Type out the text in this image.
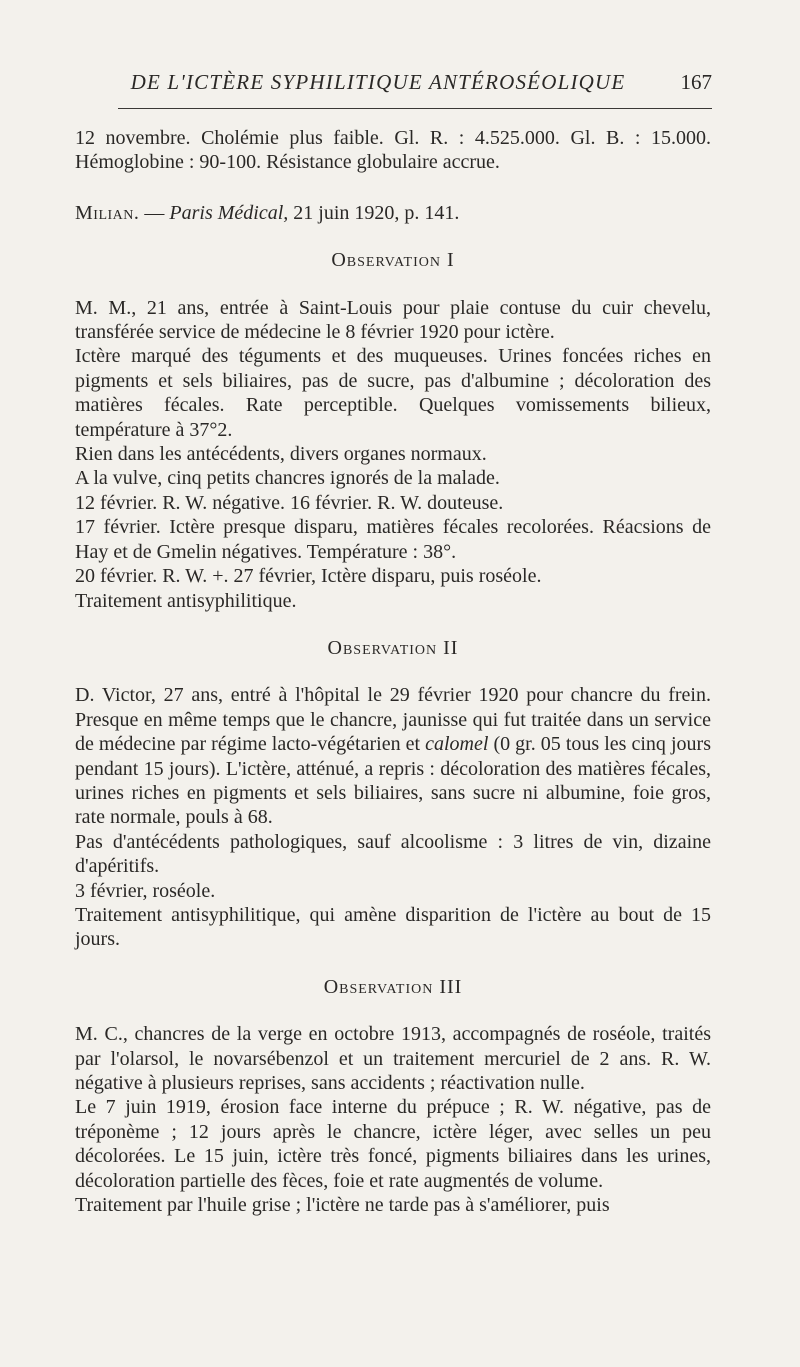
DE L'ICTÈRE SYPHILITIQUE ANTÉROSÉOLIQUE	167

12 novembre. Cholémie plus faible. Gl. R. : 4.525.000. Gl. B. : 15.000. Hémoglobine : 90-100. Résistance globulaire accrue.

Milian. — Paris Médical, 21 juin 1920, p. 141.

Observation I

M. M., 21 ans, entrée à Saint-Louis pour plaie contuse du cuir chevelu, transférée service de médecine le 8 février 1920 pour ictère.

Ictère marqué des téguments et des muqueuses. Urines foncées riches en pigments et sels biliaires, pas de sucre, pas d'albumine ; décoloration des matières fécales. Rate perceptible. Quelques vomissements bilieux, température à 37°2.

Rien dans les antécédents, divers organes normaux.

A la vulve, cinq petits chancres ignorés de la malade.

12 février. R. W. négative. 16 février. R. W. douteuse.

17 février. Ictère presque disparu, matières fécales recolorées. Réacsions de Hay et de Gmelin négatives. Température : 38°.

20 février. R. W. +. 27 février, Ictère disparu, puis roséole.

Traitement antisyphilitique.

Observation II

D. Victor, 27 ans, entré à l'hôpital le 29 février 1920 pour chancre du frein. Presque en même temps que le chancre, jaunisse qui fut traitée dans un service de médecine par régime lacto-végétarien et calomel (0 gr. 05 tous les cinq jours pendant 15 jours). L'ictère, atténué, a repris : décoloration des matières fécales, urines riches en pigments et sels biliaires, sans sucre ni albumine, foie gros, rate normale, pouls à 68.

Pas d'antécédents pathologiques, sauf alcoolisme : 3 litres de vin, dizaine d'apéritifs.

3 février, roséole.

Traitement antisyphilitique, qui amène disparition de l'ictère au bout de 15 jours.

Observation III

M. C., chancres de la verge en octobre 1913, accompagnés de roséole, traités par l'olarsol, le novarsébenzol et un traitement mercuriel de 2 ans. R. W. négative à plusieurs reprises, sans accidents ; réactivation nulle.

Le 7 juin 1919, érosion face interne du prépuce ; R. W. négative, pas de tréponème ; 12 jours après le chancre, ictère léger, avec selles un peu décolorées. Le 15 juin, ictère très foncé, pigments biliaires dans les urines, décoloration partielle des fèces, foie et rate augmentés de volume.

Traitement par l'huile grise ; l'ictère ne tarde pas à s'améliorer, puis
